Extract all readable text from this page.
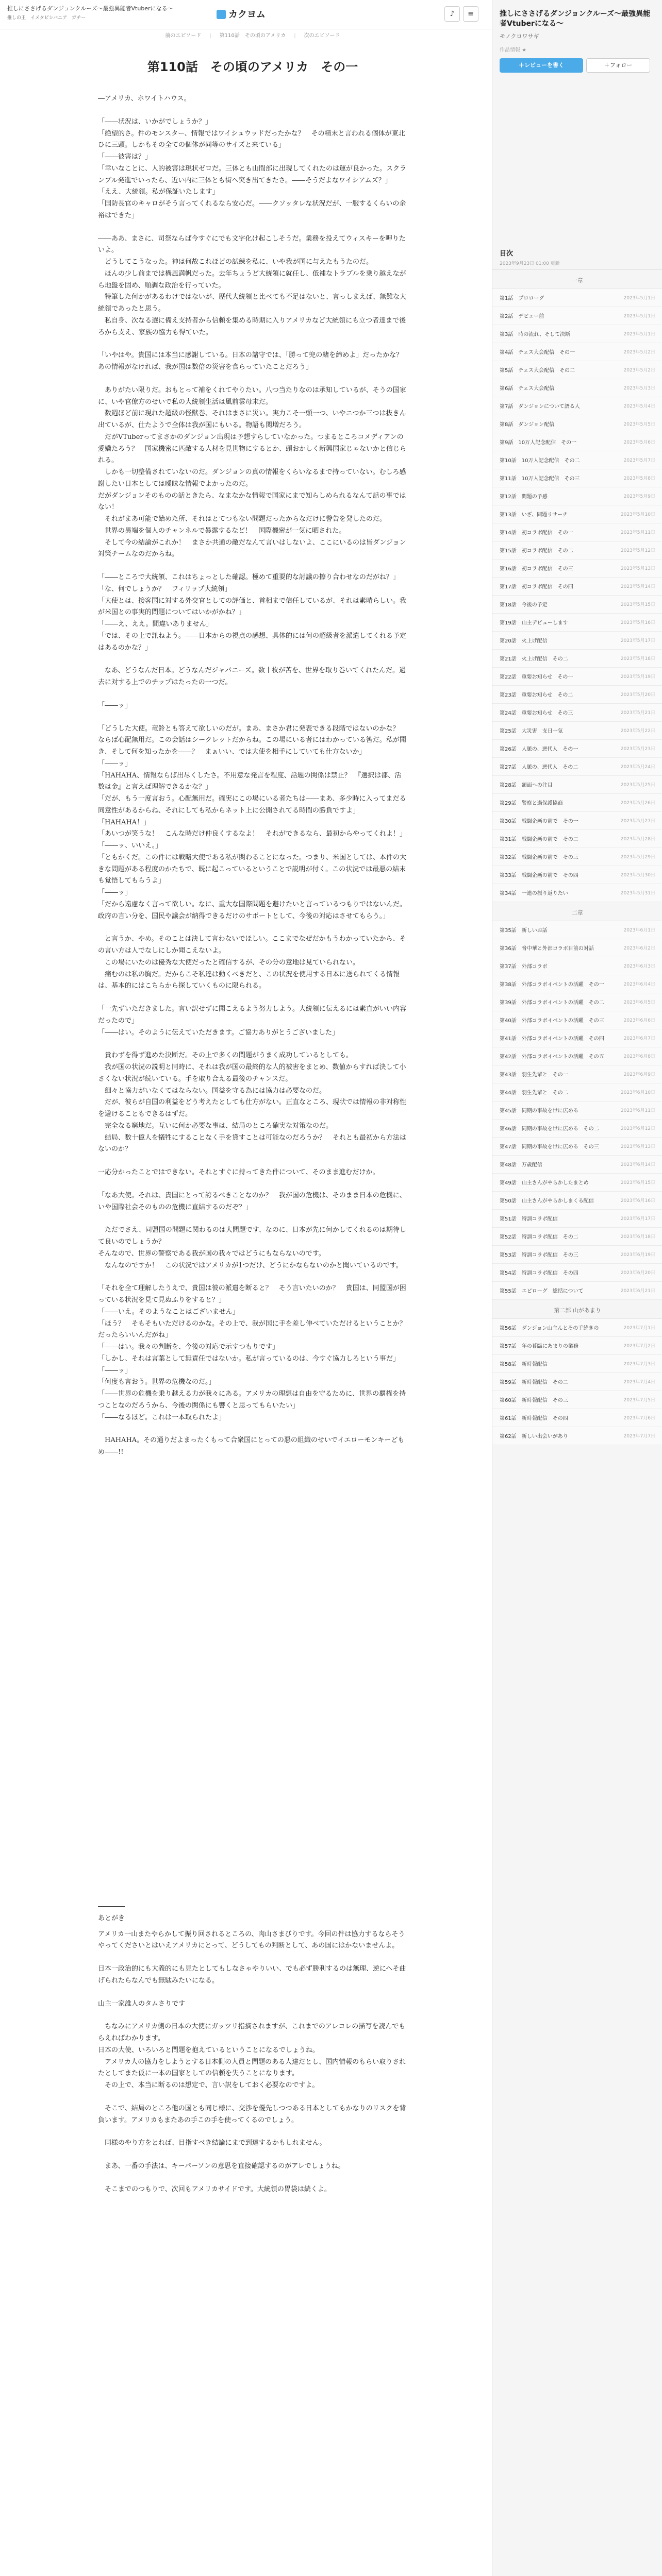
推しにささげるダンジョンクルーズ～最強異能者Vtuberになる～
推しの王　イメタビシバニア　ガチー	カクヨム	♪ ≡
前のエピソード | 第110話　その頃のアメリカ | 次のエピソード
第110話　その頃のアメリカ　その一

―アメリカ、ホワイトハウス。

「――状況は、いかがでしょうか？」

「絶望的さ。件のモンスター、情報ではワイシュウッドだったかな？　その精末と言われる個体が東北ひに三頭。しかもその全ての個体が同等のサイズと来ている」

「――彼害は？」

「幸いなことに、人的被害は現状ゼロだ。三体とも山間部に出現してくれたのは運が良かった。スクランブル発進でいったら、近い内に三体とも街へ突き出てきたさ。――そうだよなワイシアムズ？」

「ええ、大統領。私が保証いたします」

「国防長官のキャロがそう言ってくれるなら安心だ。――クソッタレな状況だが、一服するくらいの余裕はできた」

――ああ、まさに、司祭ならば今すぐにでも文字化け起こしそうだ。業務を投えてウィスキーを呷りたいよ。

　どうしてこうなった。神は何故これほどの試練を私に、いや我が国に与えたもうたのだ。

　ほんの少し前までは構風満帆だった。去年ちょうど大統領に就任し、低補なトラブルを乗り越えながら地盤を固め、順調な政治を行っていた。

　特筆した何かがあるわけではないが、歴代大統領と比べても不足はないと、言っしまえば、無難な大統領であったと思う。

　私自身、次なる選に備え支持者から信頼を集める時期に入りアメリカなど大統領にも立つ者達まで後ろから支え、家族の協力も得ていた。

「いやはや。貴国には本当に感謝している。日本の諸守では、「勝って兜の緒を締めよ」だったかな？　あの情報がなければ、我が国は数倍の災害を食らっていたことだろう」

　ありがたい限りだ。おもとって補をくれてやりたい。八つ当たりなのは承知しているが、そうの国家に、いや官僚方のせいで私の大統領生活は風前雲母末だ。

　数週ほど前に現れた超級の怪獣巻、それはまさに災い。実力こそ一頭一つ、いやニつか三つは抜きん出ているが、仕たようで全体は我が国にもいる。物語も関増だろう。

　だがVTuberってまさかのダンジョン出現は予想すらしていなかった。つまるところコメディアンの愛嬌たろう？　国家機密に匹敵する人材を見世物にするとか、頭おかしく新興国家じゃないかと信じられる。

　しかも一切整備されていないのだ。ダンジョンの真の情報をくらいなるまで持っていない。むしろ感謝したい日本としては曖昧な情報でよかったのだ。

だがダンジョンそのものの話ときたら、なまなかな情報で国家にまで知らしめられるなんて話の事ではない！

　それがまあ可能で始めた所、それはとてつもない問題だったからなだけに警告を発したのだ。

　世界の異端を個人のチャンネルで暴露するなど！　国際機密が一気に晒された。

　そして今の結論がこれか！　まさか共通の敵だなんて言いはしないよ、ここにいるのは皆ダンジョン対策チームなのだからね。

「――ところで大統領、これはちょっとした確認。極めて重要的な討議の擦り合わせなのだがね？」

「な、何でしょうか？　フィリップ大統領」

「大使とは、接客国に対する外交官としての評価と、首相まで信任しているが、それは素晴らしい。我が米国との事実的問題についてはいかがかね？」

「――え、ええ。間違いありません」

「では、その上で訊ねよう。――日本からの視点の感想、具体的には何の超級者を派遣してくれる予定はあるのかな？」

　なあ、どうなんだ日本。どうなんだジャパニーズ。数十枚が苦を、世界を取り巻いてくれたんだ。過去に対する上でのチップはたったの一つだ。

「――ッ」

「どうした大使。竜鈴とも答えて欲しいのだが。まあ、まさか君に発表できる段階ではないのかな？　ならば心配無用だ。この会話はシークレットだからね。この場にいる者にはわかっている筈だ。私が聞き、そして何を知ったかを――？　まぁいい、では大使を相手にしていても仕方ないか」

「――ッ」

「HAHAHA、情報ならば出尽くしたさ。不用意な発言を程度、話題の関係は禁止？　『選択は都、活数は金』と言えば理解できるかな？」

「だが、もう一度言おう。心配無用だ。確実にこの場にいる者たちは――まあ、多少時に入ってまだる同意性があるからね、それにしても私からネット上に公開されてる時間の勝負ですよ」

「HAHAHA！」

「あいつが笑うな！　こんな時だけ仲良くするなよ！　それができるなら、最初からやってくれよ！」

「――ッ、いいえ。」

「ともかくだ。この件には戦略大使である私が関わることになった。つまり、米国としては、本件の大きな問題がある程度のかたちで、既に起こっているということで説明が付く。この状況では最悪の結末も覚悟してもらうよ」

「――ッ」

「だから遠慮なく言って欲しい。なに、重大な国際問題を避けたいと言っているつもりではないんだ。政府の言い分を、国民や議会が納得できるだけのサポートとして、今後の対応はさせてもらう。」

　と言うか、やめ。そのことは決して言わないでほしい。ここまでなぜだかもうわかっていたから、その言い方は人でなしにしか聞こえないよ。

　この場にいたのは優秀な大使だったと確信するが、その分の意地は見ていられない。

　痛むのは私の胸だ。だからこそ私達は動くべきだと、この状況を使用する日本に送られてくる情報は、基本的にはこちらから探していくものに限られる。

「一先ずいただきました。言い訳せずに聞こえるよう努力しよう。大統領に伝えるには素直がいい内容だったので」

「――はい。そのように伝えていただきます。ご協力ありがとうございました」

　貴わずを得ず進めた決断だ。その上で多くの問題がうまく成功しているとしても。

　我が国の状況の説明と同時に、それは我が国の最終的な人的被害をまとめ、数値からすれば決して小さくない状況が続いている。手を取り合える最後のチャンスだ。

　細々と協力がいなくてはならない。国益を守る為には協力は必要なのだ。

　だが、彼らが自国の利益をどう考えたとしても仕方がない。正直なところ、現状では情報の非対称性を避けることもできるはずだ。

　完全なる窮地だ。互いに何か必要な事は、結局のところ確実な対策なのだ。

　結局、数十億人を犠牲にすることなく手を貸すことは可能なのだろうか？　それとも最初から方法はないのか？

一応分かったことではできない。それとすぐに持ってきた件について、そのまま進むだけか。

「なあ大使。それは、貴国にとって誇るべきことなのか？　我が国の危機は、そのまま日本の危機に、いや国際社会そのものの危機に直結するのだぞ？」

　ただでさえ、同盟国の問題に関わるのは大問題です、なのに、日本が先に何かしてくれるのは期待して良いのでしょうか？

そんなので、世界の警察である我が国の我々ではどうにもならないのです。

　なんなのですか！　この状況ではアメリカが1つだけ、どうにかならないのかと聞いているのです。

「それを全て理解したうえで、貴国は彼の派遣を断ると？　そう言いたいのか？　貴国は、同盟国が困っている状況を見て見ぬふりをすると？」

「――いえ。そのようなことはございません」

「ほう？　そもそもいただけるのかな。その上で、我が国に手を差し伸べていただけるということか？　だったらいいんだがね」

「――はい。我々の判断を、今後の対応で示すつもりです」

「しかし、それは言葉として無責任ではないか。私が言っているのは、今すぐ協力しろという事だ」

「――ッ」

「何度も言おう。世界の危機なのだ。」

「――世界の危機を乗り越える力が我々にある。アメリカの理想は自由を守るために、世界の覇権を持つことなのだろうから、今後の関係にも響くと思ってもらいたい」

「――なるほど。これは一本取られたよ」

　HAHAHA。その通りだよまったくもって合衆国にとっての悪の組織のせいでイエローモンキーどもめ――!!

――――
あとがき

アメリカ一山またやらかして振り回されるところの、肉山さまびりです。今回の件は協力するならそうやってくださいとはいえアメリカにとって、どうしてもの判断として、あの国にはかないませんよ。

日本一政治的にも大義的にも見たとしてもしなさゃやりいい、でも必ず勝利するのは無理、逆にへそ曲げられたらなんでも無駄みたいになる。

山主一家誰人のタムさりです

　ちなみにアメリカ側の日本の大使にガッツリ指摘されますが、これまでのアレコレの描写を読んでもらえればわかります。

日本の大使、いろいろと問題を抱えているということになるでしょうね。

　アメリカ人の協力をしようとする日本側の人員と問題のある人達だとし、国内情報のもらい取りされたとしてまた仮に一本の国家としての信頼を失うことになります。

　その上で、本当に断るのは想定で、言い訳をしておく必要なのですよ。

　そこで、結局のところ他の国とも同じ様に、交渉を優先しつつある日本としてもかなりのリスクを背負います。アメリカもまたあの手この手を使ってくるのでしょう。

　同様のやり方をとれば、目指すべき結論にまで到達するかもしれません。

　まあ、一番の手法は、キーパーソンの意思を直接確認するのがアレでしょうね。

　そこまでのつもりで、次回もアメリカサイドです。大統領の胃袋は続くよ。

推しにささげるダンジョンクルーズ～最強異能者Vtuberになる～
モノクロワサギ
作品情報 ★
＋レビューを書く	＋フォロー
目次
2023年9月23日 01:00 更新
一章
第1話　プロローグ	2023年5月1日
第2話　デビュー前	2023年5月1日
第3話　時の流れ、そして決断	2023年5月1日
第4話　チェス大会配信　その一	2023年5月2日
第5話　チェス大会配信　その二	2023年5月2日
第6話　チェス大会配信	2023年5月3日
第7話　ダンジョンについて語る人	2023年5月4日
第8話　ダンジョン配信	2023年5月5日
第9話　10万人記念配信　その一	2023年5月6日
第10話　10万人記念配信　その二	2023年5月7日
第11話　10万人記念配信　その三	2023年5月8日
第12話　問題の予感	2023年5月9日
第13話　いざ、問題リサーチ	2023年5月10日
第14話　初コラボ配信　その一	2023年5月11日
第15話　初コラボ配信　その二	2023年5月12日
第16話　初コラボ配信　その三	2023年5月13日
第17話　初コラボ配信　その四	2023年5月14日
第18話　今後の予定	2023年5月15日
第19話　山主デビューします	2023年5月16日
第20話　火上げ配信	2023年5月17日
第21話　火上げ配信　その二	2023年5月18日
第22話　重要お知らせ　その一	2023年5月19日
第23話　重要お知らせ　その二	2023年5月20日
第24話　重要お知らせ　その三	2023年5月21日
第25話　大災害　支日一気	2023年5月22日
第26話　人脈の、悪代人　その一	2023年5月23日
第27話　人脈の、悪代人　その二	2023年5月24日
第28話　額面への注目	2023年5月25日
第29話　警察と過保護協商	2023年5月26日
第30話　戦闘企画の前で　その一	2023年5月27日
第31話　戦闘企画の前で　その二	2023年5月28日
第32話　戦闘企画の前で　その三	2023年5月29日
第33話　戦闘企画の前で　その四	2023年5月30日
第34話　一連の振り返りたい	2023年5月31日
二章
第35話　新しいお話	2023年6月1日
第36話　脅中華と外部コラボ目前の対話	2023年6月2日
第37話　外部コラボ	2023年6月3日
第38話　外部コラボイベントの活躍　その一	2023年6月4日
第39話　外部コラボイベントの活躍　その二	2023年6月5日
第40話　外部コラボイベントの活躍　その三	2023年6月6日
第41話　外部コラボイベントの活躍　その四	2023年6月7日
第42話　外部コラボイベントの活躍　その五	2023年6月8日
第43話　羽生先輩と　その一	2023年6月9日
第44話　羽生先輩と　その二	2023年6月10日
第45話　同期の事故を世に広める	2023年6月11日
第46話　同期の事故を世に広める　その二	2023年6月12日
第47話　同期の事故を世に広める　その三	2023年6月13日
第48話　万歳配信	2023年6月14日
第49話　山主さんがやらかしたまとめ	2023年6月15日
第50話　山主さんがやらかしまくる配信	2023年6月16日
第51話　特訓コラボ配信	2023年6月17日
第52話　特訓コラボ配信　その二	2023年6月18日
第53話　特訓コラボ配信　その三	2023年6月19日
第54話　特訓コラボ配信　その四	2023年6月20日
第55話　エピローグ　総括について	2023年6月21日
第二部 山があまり
第56話　ダンジョン山主んとその手続きの	2023年7月1日
第57話　年の暮臨にあまりの業務	2023年7月2日
第58話　新時報配信	2023年7月3日
第59話　新時報配信　その二	2023年7月4日
第60話　新時報配信　その三	2023年7月5日
第61話　新時報配信　その四	2023年7月6日
第62話　新しい出会いがあり	2023年7月7日
